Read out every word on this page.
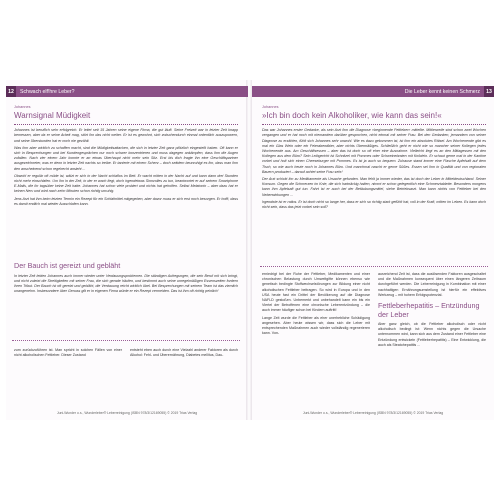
Schwach elf!hre Leber?
12	Die Leber kennt keinen Schmerz	13
Johannes
Warnsignal Müdigkeit

Johannes ist beruflich sehr erfolgreich. Er leitet seit 15 Jahren seine eigene Firma, die gut läuft. Seine Freizeit war in letzter Zeit knapp bemessen, aber da er seine Arbeit mag, stört ihn das nicht weiter. Er ist es gewohnt, sich zwischendurch einmal ordentlich auszupowern, und seine Überstunden hat er noch nie gezählt.

Was ihm aber wirklich zu schaffen macht, sind die Müdigkeitsattacken, die sich in letzter Zeit ganz plötzlich eingestellt haben. Oft kann er sich in Besprechungen und bei Kundengesprächen nur noch schwer konzentrieren und muss dagegen ankämpfen, dass ihm die Augen zufallen. Nach vier einem Jahr konnte er an etwas Überhaupt nicht mehr sein Sitz. Erst bis dich fragte ihn eine Geschäftspartner ausgezeichneter, was er denn in letzter Zeit nachts so treibe. Er tanierte mit einem Scherz – doch seitdem beunruhigt es ihn, dass man ihm den anscheinend schon regelrecht ansieht ...

Obwohl er regulär oft müde ist, wälzt er sich in der Nacht schlaflos im Bett. Er wacht mitten in der Nacht auf und kann dann drei Stunden nicht mehr einschlafen. Um ihn in der Zeit, in der er wach liegt, doch irgendetwas Sinnvolles zu tun, beantwortet er auf seinem Smartphone E-Mails, die ihr tagsüber keine Zeit hatte. Johannes hat schon viele probiert und nichts hat geholfen. Selbst Melatonin – aber dazu hat er keinen Nerv und wird nach zehn Minuten schon richtig unruhig.

Jens Arzt hat ihm beim letzten Termin ein Rezept für ein Schlafmittel mitgegeben, aber davor muss er sich erst noch besorgen. Er hofft, dass es damit endlich mal wieder Ausschlafen kann.

Der Bauch ist gereizt und gebläht

In letzter Zeit leiden Johannes auch immer wieder unter Verdauungsproblemen. Die ständigen Aufregungen, die sein Beruf mit sich bringt, und nicht zuletzt die Streitigkeiten mit seiner Frau, die sich gerade häufen, und bestimmt auch seine unregelmäßigen Essenszeiten fordern ihren Tribut. Der Bauch ist oft gereizt und gebläht, die Verdauung reicht wirklich übel. Bei Besprechungen mit seinem Team ist das ziemlich unangenehm. Insbesondere über Genuss gilt er in eigenen Firma würde er ein Rezept vermeiden. Das ist ihm oft richtig peinlich!

zum zurückzuführen ist. Man spricht in solchen Fällen von einer nicht alkoholischen Fettleber. Dieser Zustand

entsteht eben auch durch eine Vielzahl anderer Faktoren als durch Alkohol: Fehl- und Überernährung, Diabetes mellitus, Dau-

Juni-Wunder o.s., Wunderleber® Leberreinigung (ISBN 978/3/12169055) © 2019 Trias Verlag
Johannes
»Ich bin doch kein Alkoholiker, wie kann das sein!«

Das war Johannes erster Gedanke, als sein Arzt ihm die Diagnose »beginnende Fettleber« mitteilte. Mittlerweile sind schon zwei Wochen vergangen und er hat noch mit niemandem darüber gesprochen, nicht einmal mit seiner Frau. Bei den Gedanken, jemandem von seiner Diagnose zu erzählen, fühlt sich Johannes sehr unwohl. Wie es dazu gekommen ist, ist ihm ein absolutes Rätsel. Am Wochenende gibt es mal ein Glas Wein oder ein Feierabendbier, aber nichts Übermäßiges. Schließlich geht er nicht wie so mancher seiner Kollegen jedes Wochenende aus. Am Geschäftsessen – aber das ist doch so oft eher eine Ausnahme. Vielleicht liegt es an den Mittagessen mit den Kollegen aus dem Büro? Sein Leibgericht ist Schnitzel mit Pommes oder Schweinebraten mit Knödeln. Er schaut gerne mal in der Kantine vorbei und holt sich einen Cheeseburger mit Pommes. Es ist ja auch so bequem. Zuhause stand immer eine Flasche Apfelsaft auf dem Tisch, so wie auch heute noch in Johannes Büro. Und manchmal nascht er gerne Süßes. Essen sei ihm in Qualität und von regionalen Bauern produziert – darauf achtet seine Frau sehr!

Der Arzt schickt ihn zu Medikamente als Ursache gefunden. Man fehlt ja immer wieder, das ist doch der Leber in Mitteldeutschland. Seiner Konsum. Gegen die Schmerzen im Knie, die sich hartnäckig halten, nimmt er schon gelegentlich eine Schmerztablette. Besonders morgens kann ihm Apfelsaft gut tun. Fahrt ist er auch bei der Betäubungsmittel, siehe Betriebsarzt. Man kann nichts von Fettleber bei den Nebenwirkungen ...

Irgendwie ist er ratlos. Er ist doch nicht so lange her, dass er sich so richtig stark gefühlt hat, voll in der Kraft, mitten im Leben. Es kann doch nicht sein, dass das jetzt vorbei sein soll?

erniedrigt bei der Ruhe der Fettleber, Medikamenten und einer chronischen Belastung durch Umweltgifte können ebenso wie genetisch bedingte Stoffwechselstörungen zur Bildung einer nicht alkoholischen Fettleber beitragen. So wird in Europa und in den USA heute fast ein Drittel der Bevölkerung auf die Diagnose NAFLD gestoßen. Unbemerkt und unbehandelt kann ein bis ein Viertel der Betroffenen eine chronische Leberentzündung – die auch immer häufiger schon bei Kindern auftritt!

Lange Zeit wurde die Fettleber als eher unerhebliche Schädigung angesehen. Aber heute wissen wir, dass sich die Leber mit entsprechenden Maßnahmen auch wieder vollständig regenerieren kann. Von-

ausreichend Zeit ist, dass die auslösenden Faktoren ausgeschaltet und die Maßnahmen konsequent über einen längeren Zeitraum durchgeführt werden. Die Leberreinigung in Kombination mit einer nachhaltigen Ernährungsumstellung ist hierfür ein effektives Werkzeug – mit hohem Erfolgspotenzial.

Fettleberhepatitis – Entzündung der Leber

Aber ganz gleich, ob die Fettleber alkoholisch oder nicht alkoholisch bedingt ist: Wenn nichts gegen die Ursache unternommen wird, kann sich aus dem Zustand einer Fettleber eine Entzündung entwickeln (Fettleberhepatitis) – Eine Entwicklung, die auch als Steatohepatitis ...

Juni-Wunder o.s., Wunderleber® Leberreinigung (ISBN 978/3/12169055) © 2019 Trias Verlag
